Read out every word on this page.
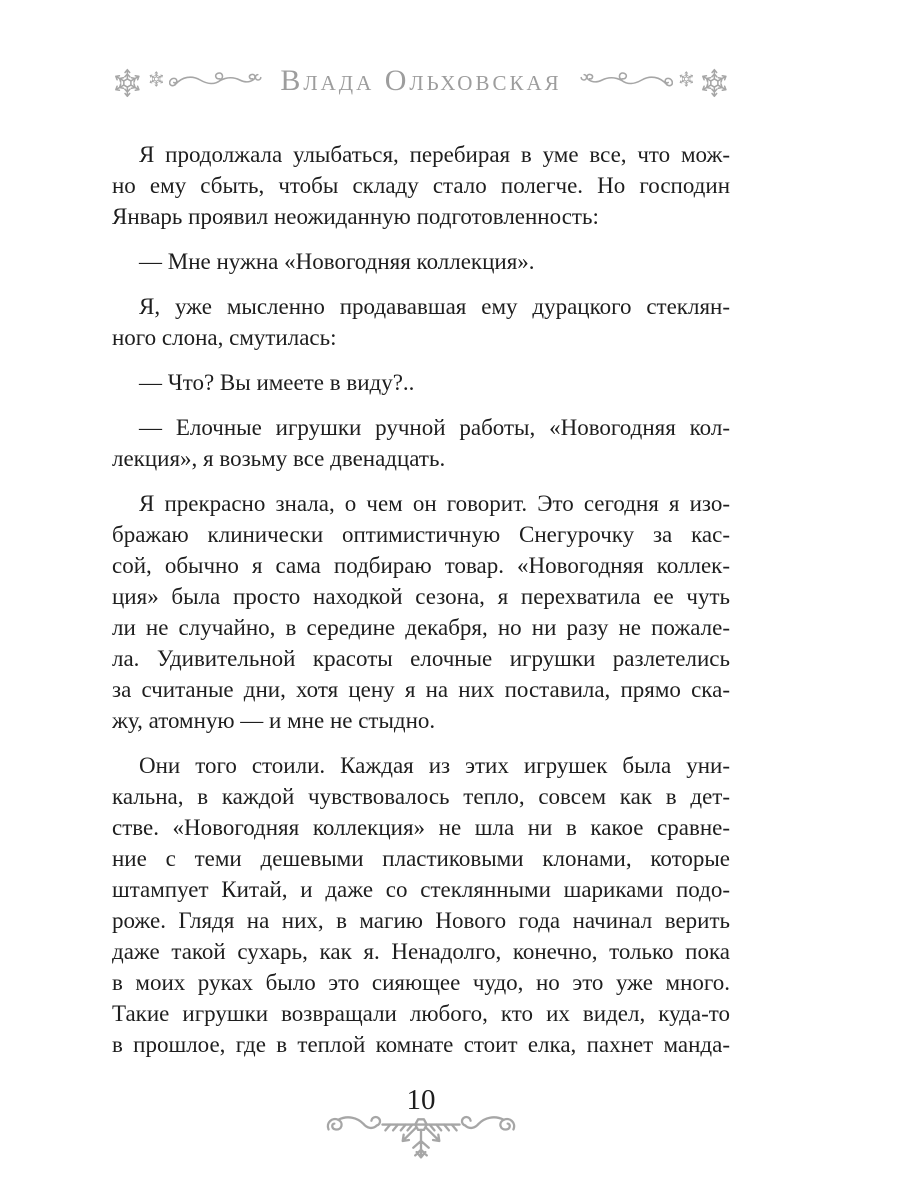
Влада Ольховская
Я продолжала улыбаться, перебирая в уме все, что мож-
но ему сбыть, чтобы складу стало полегче. Но господин
Январь проявил неожиданную подготовленность:
— Мне нужна «Новогодняя коллекция».
Я, уже мысленно продававшая ему дурацкого стеклян-
ного слона, смутилась:
— Что? Вы имеете в виду?..
— Елочные игрушки ручной работы, «Новогодняя кол-
лекция», я возьму все двенадцать.
Я прекрасно знала, о чем он говорит. Это сегодня я изо-
бражаю клинически оптимистичную Снегурочку за кас-
сой, обычно я сама подбираю товар. «Новогодняя коллек-
ция» была просто находкой сезона, я перехватила ее чуть
ли не случайно, в середине декабря, но ни разу не пожале-
ла. Удивительной красоты елочные игрушки разлетелись
за считаные дни, хотя цену я на них поставила, прямо ска-
жу, атомную — и мне не стыдно.
Они того стоили. Каждая из этих игрушек была уни-
кальна, в каждой чувствовалось тепло, совсем как в дет-
стве. «Новогодняя коллекция» не шла ни в какое сравне-
ние с теми дешевыми пластиковыми клонами, которые
штампует Китай, и даже со стеклянными шариками подо-
роже. Глядя на них, в магию Нового года начинал верить
даже такой сухарь, как я. Ненадолго, конечно, только пока
в моих руках было это сияющее чудо, но это уже много.
Такие игрушки возвращали любого, кто их видел, куда-то
в прошлое, где в теплой комнате стоит елка, пахнет манда-
10
